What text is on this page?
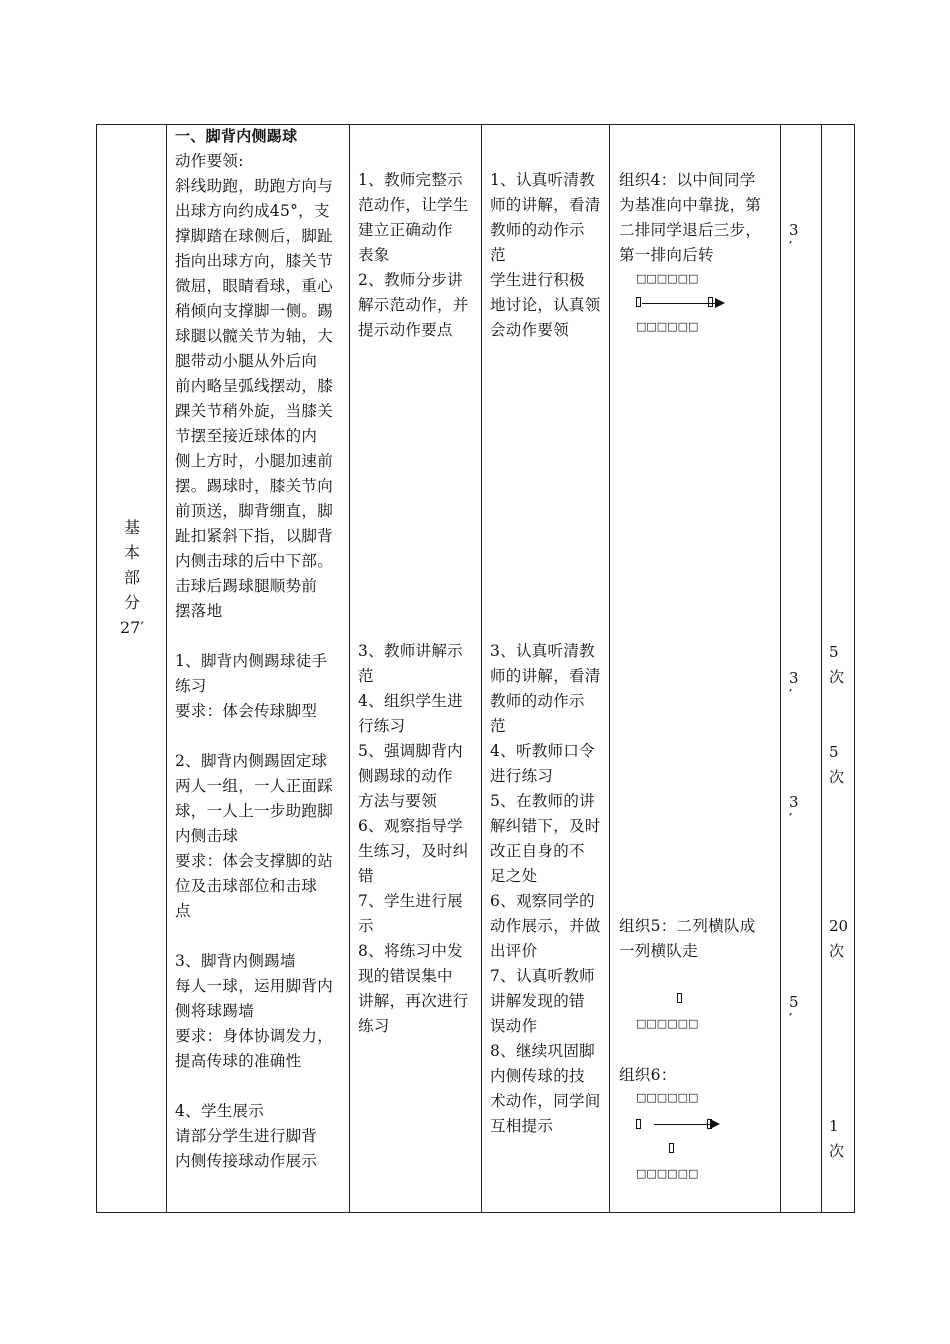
基
本
部
分
27′
一、脚背内侧踢球
动作要领:
斜线助跑，助跑方向与
出球方向约成45°，支
撑脚踏在球侧后，脚趾
指向出球方向，膝关节
微屈，眼睛看球，重心
稍倾向支撑脚一侧。踢
球腿以髋关节为轴，大
腿带动小腿从外后向
前内略呈弧线摆动，膝
踝关节稍外旋，当膝关
节摆至接近球体的内
侧上方时，小腿加速前
摆。踢球时，膝关节向
前顶送，脚背绷直，脚
趾扣紧斜下指，以脚背
内侧击球的后中下部。
击球后踢球腿顺势前
摆落地
1、脚背内侧踢球徒手
练习
要求：体会传球脚型
2、脚背内侧踢固定球
两人一组，一人正面踩
球，一人上一步助跑脚
内侧击球
要求：体会支撑脚的站
位及击球部位和击球
点
3、脚背内侧踢墙
每人一球，运用脚背内
侧将球踢墙
要求：身体协调发力，
提高传球的准确性
4、学生展示
请部分学生进行脚背
内侧传接球动作展示
1、教师完整示
范动作，让学生
建立正确动作
表象
2、教师分步讲
解示范动作，并
提示动作要点
3、教师讲解示
范
4、组织学生进
行练习
5、强调脚背内
侧踢球的动作
方法与要领
6、观察指导学
生练习，及时纠
错
7、学生进行展
示
8、将练习中发
现的错误集中
讲解，再次进行
练习
1、认真听清教
师的讲解，看清
教师的动作示
范
学生进行积极
地讨论，认真领
会动作要领
3、认真听清教
师的讲解，看清
教师的动作示
范
4、听教师口令
进行练习
5、在教师的讲
解纠错下，及时
改正自身的不
足之处
6、观察同学的
动作展示，并做
出评价
7、认真听教师
讲解发现的错
误动作
8、继续巩固脚
内侧传球的技
术动作，同学间
互相提示
组织4：以中间同学
为基准向中靠拢，第
二排同学退后三步，
第一排向后转
□□□□□□
□□□□□□
组织5：二列横队成
一列横队走
□□□□□□
组织6：
□□□□□□
□□□□□□
3
′
3
′
3
′
5
′
5
次
5
次
20
次
1
次
